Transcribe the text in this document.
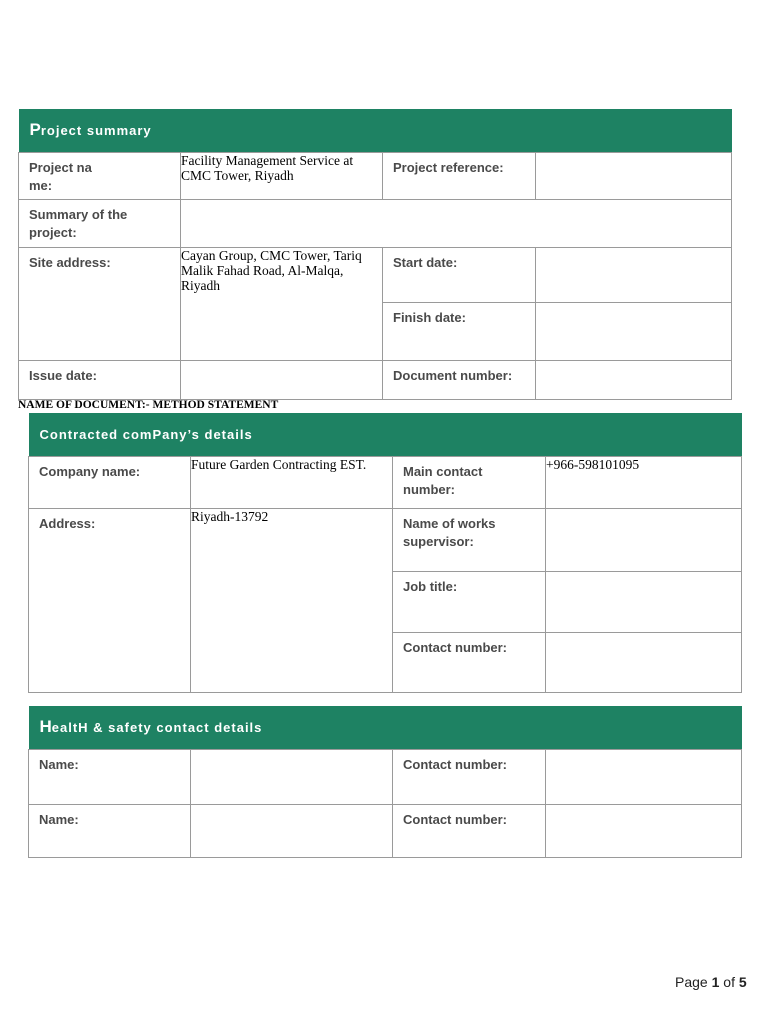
Project summary			

Project na me:	Facility Management Service at CMC Tower, Riyadh	Project reference:	
Summary of the project:			
Site address:	Cayan Group, CMC Tower, Tariq Malik Fahad Road, Al-Malqa, Riyadh	Start date:	
		Finish date:	
Issue date:		Document number:	
NAME OF DOCUMENT:- METHOD STATEMENT
Contracted comPany’s details			
Company name:	Future Garden Contracting EST.	Main contact number:	+966-598101095
Address:	Riyadh-13792	Name of works supervisor:	
		Job title:	
		Contact number:	
HealtH & safety contact details			
Name:		Contact number:	
Name:		Contact number:	
Page 1 of 5
